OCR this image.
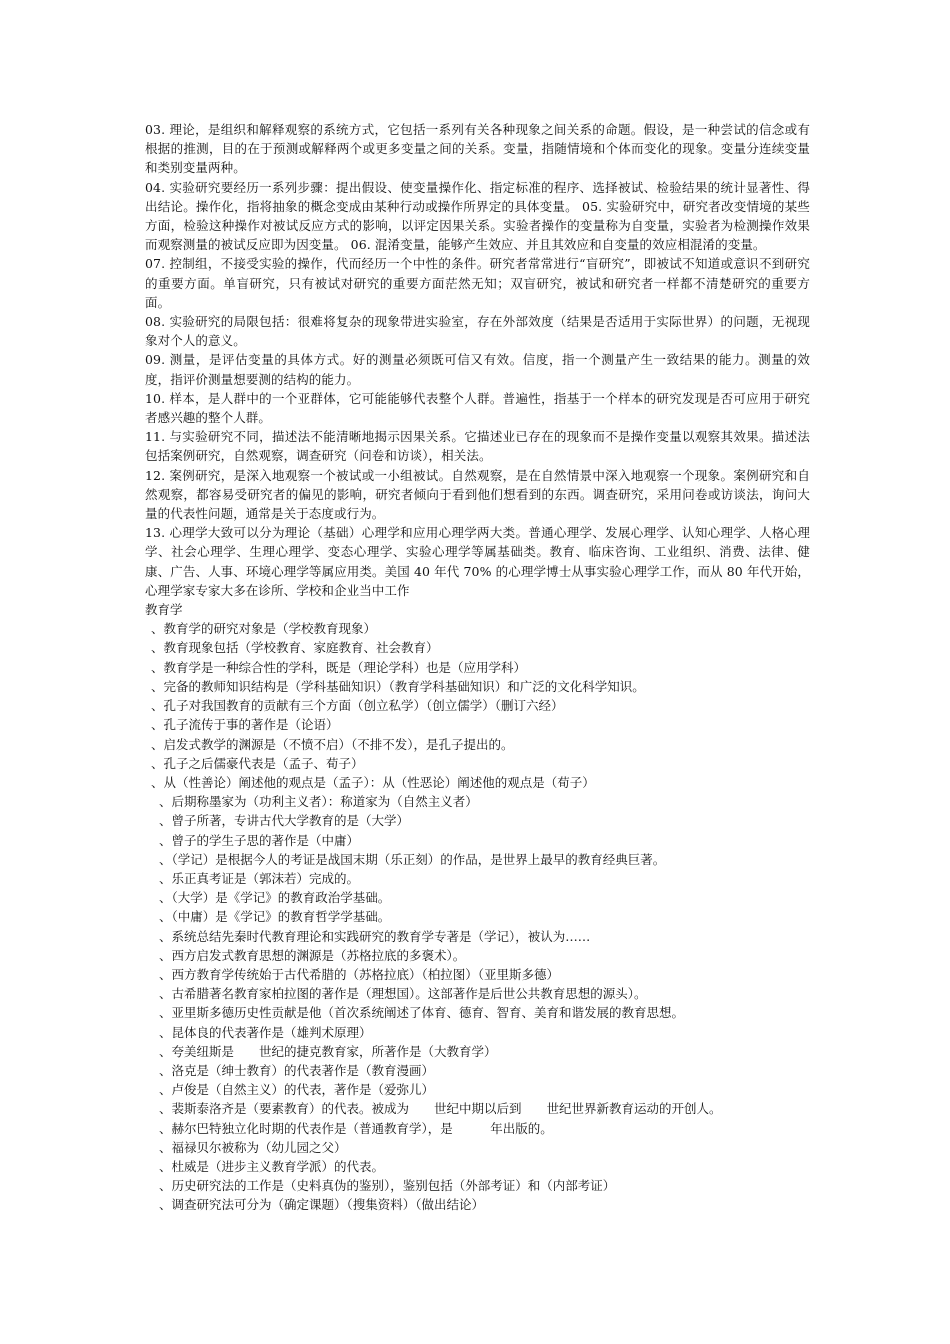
03. 理论，是组织和解释观察的系统方式，它包括一系列有关各种现象之间关系的命题。假设，是一种尝试的信念或有根据的推测，目的在于预测或解释两个或更多变量之间的关系。变量，指随情境和个体而变化的现象。变量分连续变量和类别变量两种。
04. 实验研究要经历一系列步骤：提出假设、使变量操作化、指定标准的程序、选择被试、检验结果的统计显著性、得出结论。操作化，指将抽象的概念变成由某种行动或操作所界定的具体变量。 05. 实验研究中，研究者改变情境的某些方面，检验这种操作对被试反应方式的影响，以评定因果关系。实验者操作的变量称为自变量，实验者为检测操作效果而观察测量的被试反应即为因变量。 06. 混淆变量，能够产生效应、并且其效应和自变量的效应相混淆的变量。
07. 控制组，不接受实验的操作，代而经历一个中性的条件。研究者常常进行“盲研究”，即被试不知道或意识不到研究的重要方面。单盲研究，只有被试对研究的重要方面茫然无知；双盲研究，被试和研究者一样都不清楚研究的重要方面。
08. 实验研究的局限包括：很难将复杂的现象带进实验室，存在外部效度（结果是否适用于实际世界）的问题，无视现象对个人的意义。
09. 测量，是评估变量的具体方式。好的测量必须既可信又有效。信度，指一个测量产生一致结果的能力。测量的效度，指评价测量想要测的结构的能力。
10. 样本，是人群中的一个亚群体，它可能能够代表整个人群。普遍性，指基于一个样本的研究发现是否可应用于研究者感兴趣的整个人群。
11. 与实验研究不同，描述法不能清晰地揭示因果关系。它描述业已存在的现象而不是操作变量以观察其效果。描述法包括案例研究，自然观察，调查研究（问卷和访谈），相关法。
12. 案例研究，是深入地观察一个被试或一小组被试。自然观察，是在自然情景中深入地观察一个现象。案例研究和自然观察，都容易受研究者的偏见的影响，研究者倾向于看到他们想看到的东西。调查研究，采用问卷或访谈法，询问大量的代表性问题，通常是关于态度或行为。
13. 心理学大致可以分为理论（基础）心理学和应用心理学两大类。普通心理学、发展心理学、认知心理学、人格心理学、社会心理学、生理心理学、变态心理学、实验心理学等属基础类。教育、临床咨询、工业组织、消费、法律、健康、广告、人事、环境心理学等属应用类。美国 40 年代 70% 的心理学博士从事实验心理学工作，而从 80 年代开始，心理学家专家大多在诊所、学校和企业当中工作
教育学
、教育学的研究对象是（学校教育现象）
、教育现象包括（学校教育、家庭教育、社会教育）
、教育学是一种综合性的学科，既是（理论学科）也是（应用学科）
、完备的教师知识结构是（学科基础知识）（教育学科基础知识）和广泛的文化科学知识。
、孔子对我国教育的贡献有三个方面（创立私学）（创立儒学）（删订六经）
、孔子流传于事的著作是（论语）
、启发式教学的渊源是（不愤不启）（不排不发），是孔子提出的。
、孔子之后儒豪代表是（孟子、荀子）
、从（性善论）阐述他的观点是（孟子）：从（性恶论）阐述他的观点是（荀子）
、后期称墨家为（功利主义者）：称道家为（自然主义者）
、曾子所著，专讲古代大学教育的是（大学）
、曾子的学生子思的著作是（中庸）
、（学记）是根据今人的考证是战国末期（乐正刻）的作品，是世界上最早的教育经典巨著。
、乐正真考证是（郭沫若）完成的。
、（大学）是《学记》的教育政治学基础。
、（中庸）是《学记》的教育哲学学基础。
、系统总结先秦时代教育理论和实践研究的教育学专著是（学记），被认为……
、西方启发式教育思想的渊源是（苏格拉底的多褒术）。
、西方教育学传统始于古代希腊的（苏格拉底）（柏拉图）（亚里斯多德）
、古希腊著名教育家柏拉图的著作是（理想国）。这部著作是后世公共教育思想的源头）。
、亚里斯多德历史性贡献是他（首次系统阐述了体育、德育、智育、美育和谐发展的教育思想。
、昆体良的代表著作是（雄判术原理）
、夸美纽斯是　　世纪的捷克教育家，所著作是（大教育学）
、洛克是（绅士教育）的代表著作是（教育漫画）
、卢俊是（自然主义）的代表，著作是（爱弥儿）
、裴斯泰洛齐是（要素教育）的代表。被成为　　世纪中期以后到　　世纪世界新教育运动的开创人。
、赫尔巴特独立化时期的代表作是（普通教育学），是　　　年出版的。
、福禄贝尔被称为（幼儿园之父）
、杜威是（进步主义教育学派）的代表。
、历史研究法的工作是（史料真伪的鉴别），鉴别包括（外部考证）和（内部考证）
、调查研究法可分为（确定课题）（搜集资料）（做出结论）
